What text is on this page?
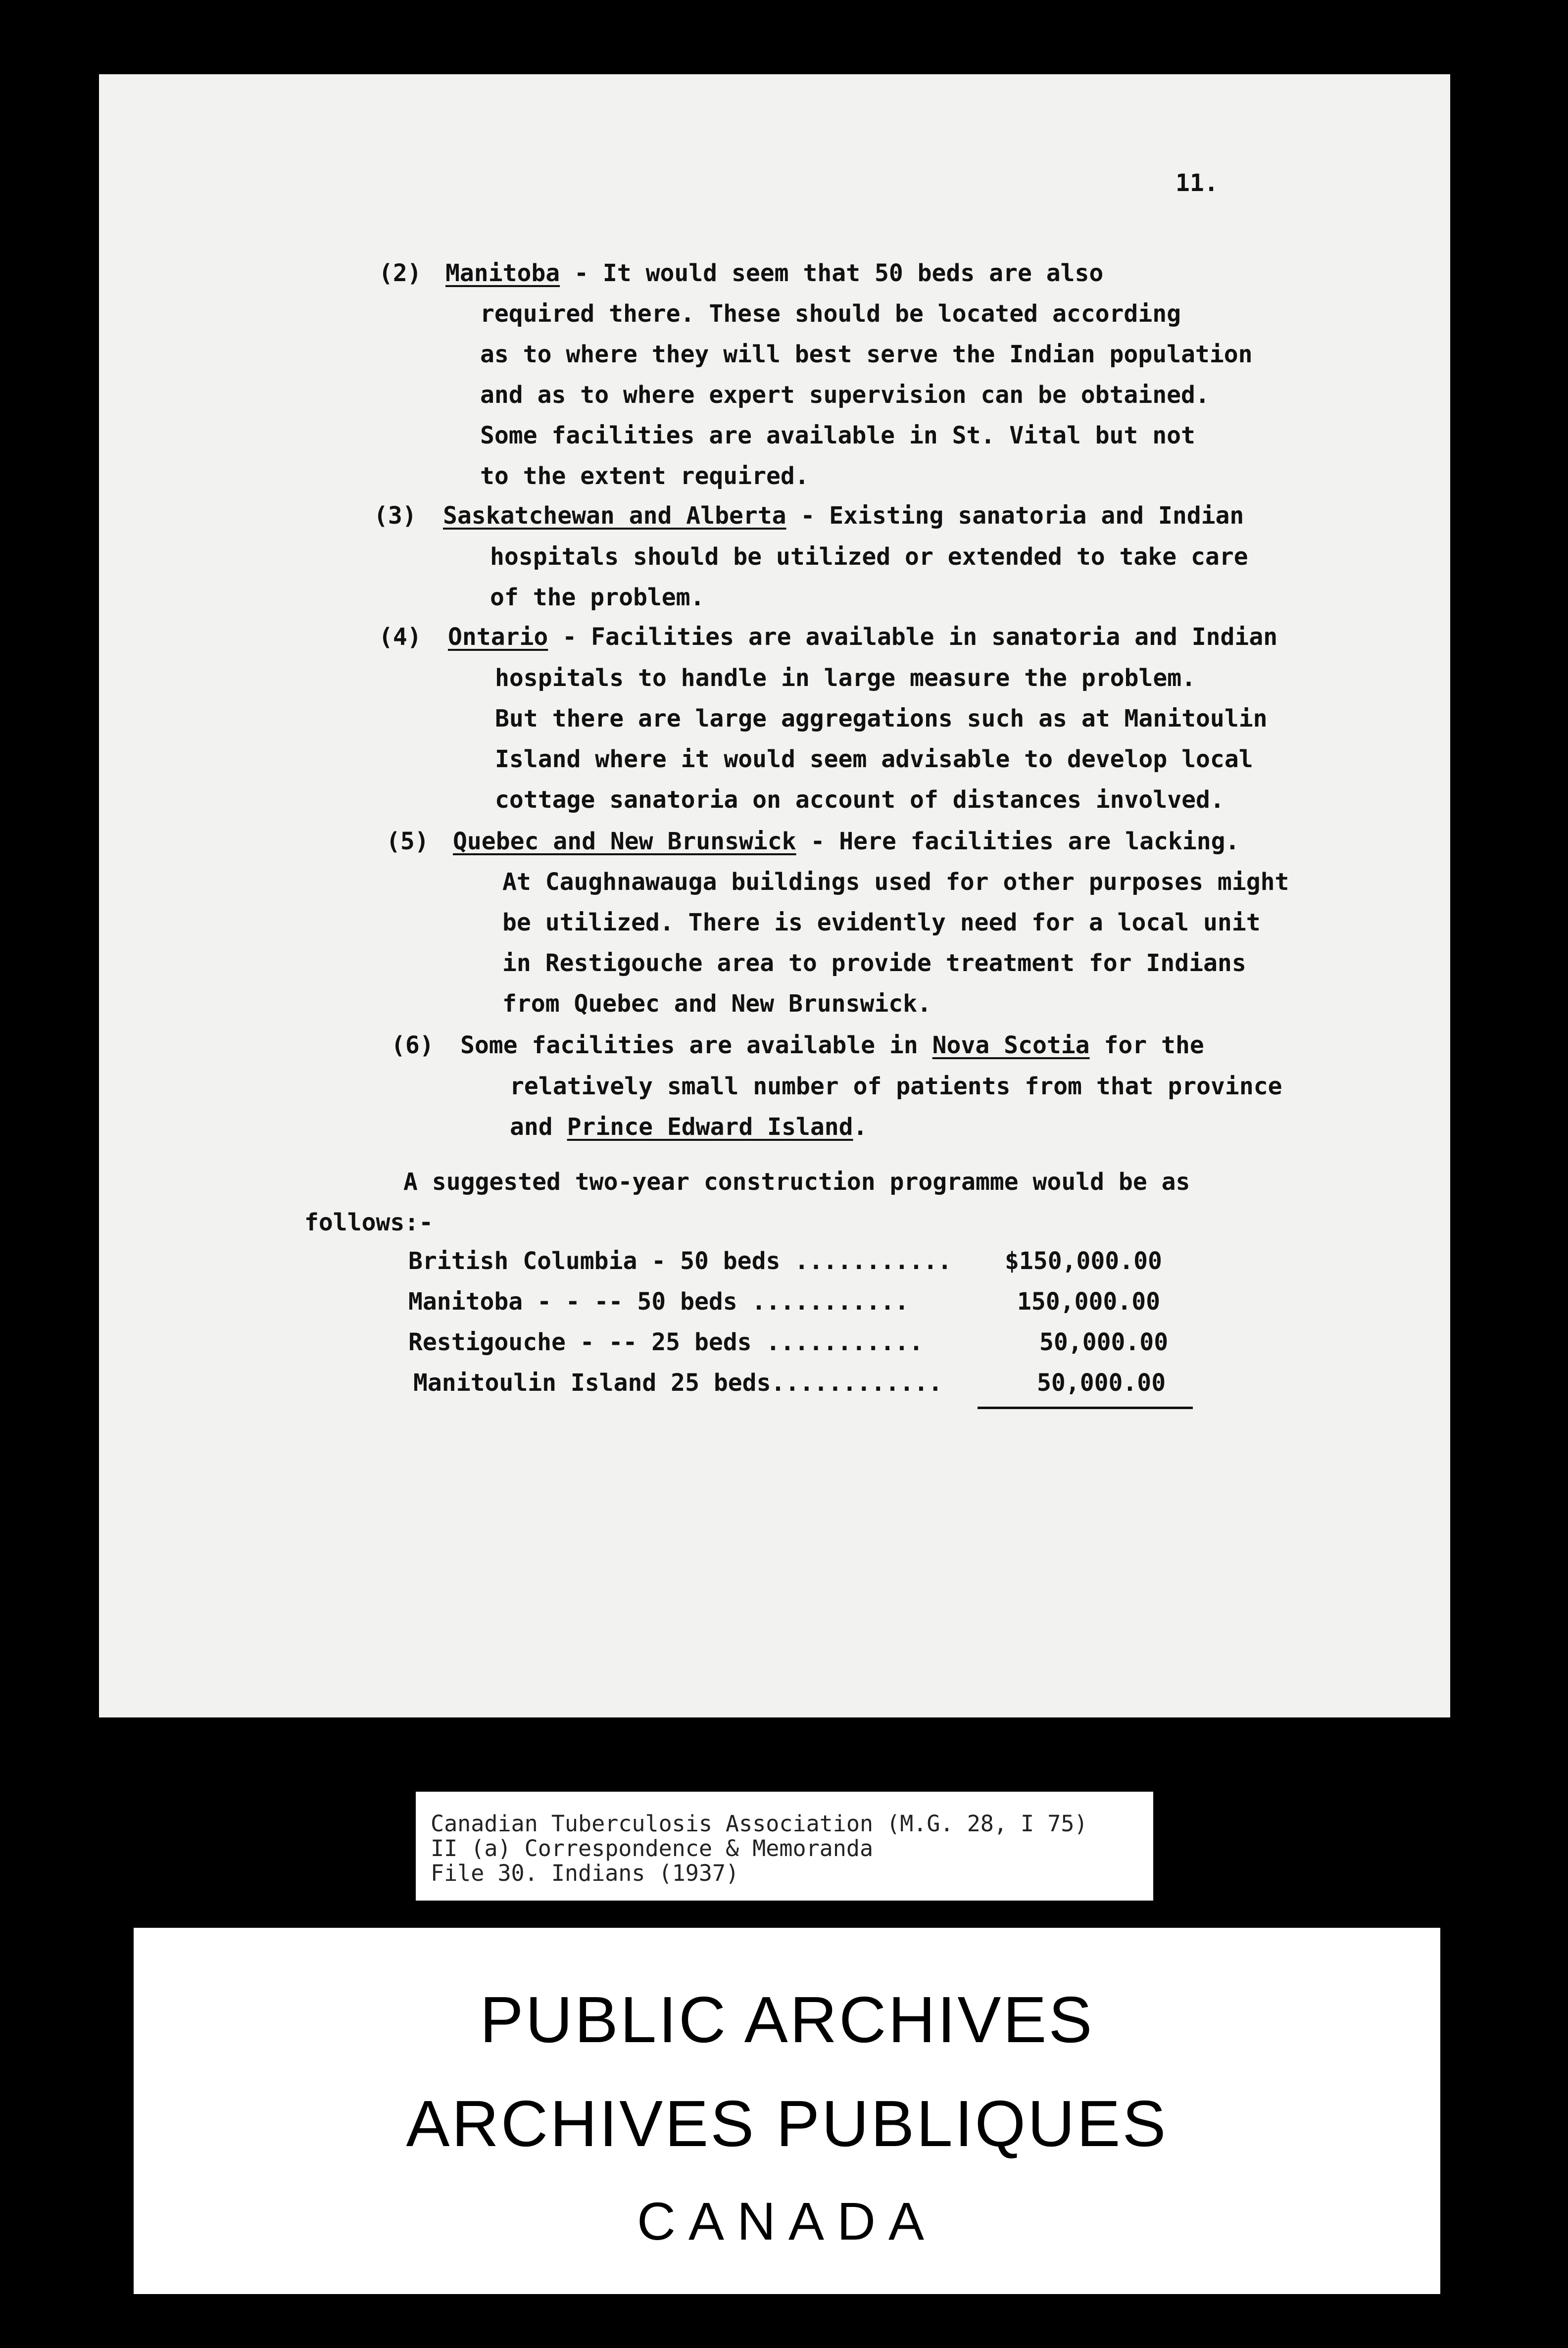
11.
(2) Manitoba - It would seem that 50 beds are also
required there. These should be located according
as to where they will best serve the Indian population
and as to where expert supervision can be obtained.
Some facilities are available in St. Vital but not
to the extent required.
(3) Saskatchewan and Alberta - Existing sanatoria and Indian
hospitals should be utilized or extended to take care
of the problem.
(4) Ontario - Facilities are available in sanatoria and Indian
hospitals to handle in large measure the problem.
But there are large aggregations such as at Manitoulin
Island where it would seem advisable to develop local
cottage sanatoria on account of distances involved.
(5) Quebec and New Brunswick - Here facilities are lacking.
At Caughnawauga buildings used for other purposes might
be utilized. There is evidently need for a local unit
in Restigouche area to provide treatment for Indians
from Quebec and New Brunswick.
(6) Some facilities are available in Nova Scotia for the
relatively small number of patients from that province
and Prince Edward Island.
A suggested two-year construction programme would be as
follows:-
British Columbia - 50 beds ........... $150,000.00
Manitoba - - -- 50 beds ...........	150,000.00
Restigouche - -- 25 beds ...........	50,000.00
Manitoulin Island 25 beds............	50,000.00
$ 400,000.00
Canadian Tuberculosis Association (M.G. 28, I 75)
II (a) Correspondence & Memoranda
File 30. Indians (1937)
PUBLIC ARCHIVES
ARCHIVES PUBLIQUES
CANADA
